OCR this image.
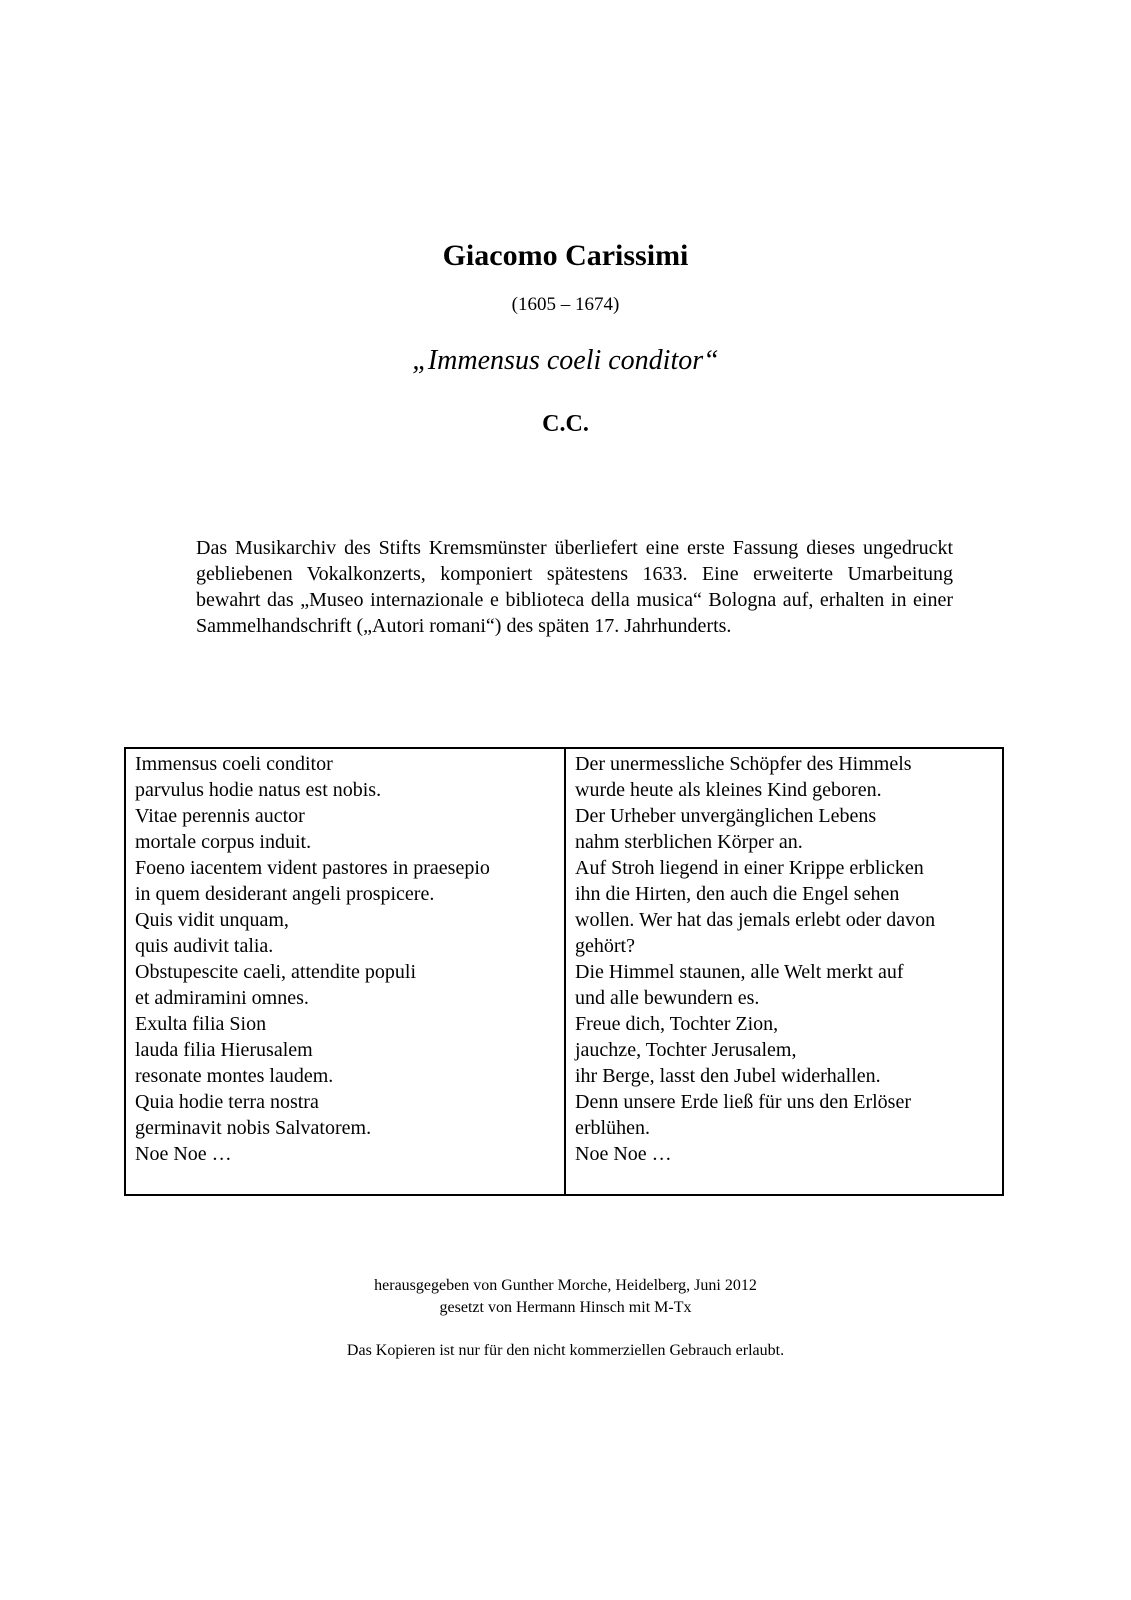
Giacomo Carissimi
(1605 – 1674)
„Immensus coeli conditor“
C.C.

Das Musikarchiv des Stifts Kremsmünster überliefert eine erste Fassung dieses ungedruckt gebliebenen Vokalkonzerts, komponiert spätestens 1633. Eine erweiterte Umarbeitung bewahrt das „Museo internazionale e biblioteca della musica“ Bologna auf, erhalten in einer Sammelhandschrift („Autori romani“) des späten 17. Jahrhunderts.

Immensus coeli conditor
parvulus hodie natus est nobis.
Vitae perennis auctor
mortale corpus induit.
Foeno iacentem vident pastores in praesepio
in quem desiderant angeli prospicere.
Quis vidit unquam,
quis audivit talia.
Obstupescite caeli, attendite populi
et admiramini omnes.
Exulta filia Sion
lauda filia Hierusalem
resonate montes laudem.
Quia hodie terra nostra
germinavit nobis Salvatorem.
Noe Noe …
Der unermessliche Schöpfer des Himmels
wurde heute als kleines Kind geboren.
Der Urheber unvergänglichen Lebens
nahm sterblichen Körper an.
Auf Stroh liegend in einer Krippe erblicken
ihn die Hirten, den auch die Engel sehen
wollen. Wer hat das jemals erlebt oder davon
gehört?
Die Himmel staunen, alle Welt merkt auf
und alle bewundern es.
Freue dich, Tochter Zion,
jauchze, Tochter Jerusalem,
ihr Berge, lasst den Jubel widerhallen.
Denn unsere Erde ließ für uns den Erlöser
erblühen.
Noe Noe …
herausgegeben von Gunther Morche, Heidelberg, Juni 2012
gesetzt von Hermann Hinsch mit M-Tx
Das Kopieren ist nur für den nicht kommerziellen Gebrauch erlaubt.
